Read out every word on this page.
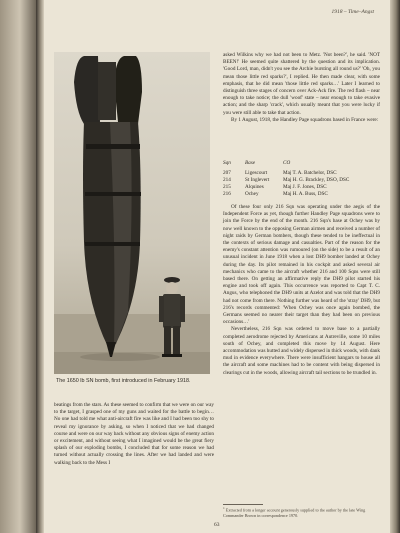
1918 – Time–Angst
The 1650 lb SN bomb, first introduced in February 1918.

beatings from the stars. As these seemed to confirm that we were on our way to the target, I grasped one of my guns and waited for the battle to begin… No one had told me what anti-aircraft fire was like and I had been too shy to reveal my ignorance by asking, so when I noticed that we had changed course and were on our way back without any obvious signs of enemy action or excitement, and without seeing what I imagined would be the great fiery splash of our exploding bombs, I concluded that for some reason we had turned without actually crossing the lines. After we had landed and were walking back to the Mess I

asked Wilkins why we had not been to Metz. 'Not been?', he said. 'NOT BEEN!' He seemed quite shattered by the question and its implication. 'Good Lord, man, didn't you see the Archie bursting all round us?' 'Oh, you mean those little red sparks?', I replied. He then made clear, with some emphasis, that he did mean 'those little red sparks…' Later I learned to distinguish three stages of concern over Ack-Ack fire. The red flash – near enough to take notice; the dull 'woof' state – near enough to take evasive action; and the sharp 'crack', which usually meant that you were lucky if you were still able to take that action.

By 1 August, 1918, the Handley Page squadrons based in France were:

Sqn	Base	CO
207	Ligescourt	Maj T. A. Batchelor, DSC
214	St Inglevert	Maj H. G. Brackley, DSO, DSC
215	Alquines	Maj J. F. Jones, DSC
216	Ochey	Maj H. A. Buss, DSC

Of these four only 216 Sqn was operating under the aegis of the Independent Force as yet, though further Handley Page squadrons were to join the Force by the end of the month. 216 Sqn's base at Ochey was by now well known to the opposing German airmen and received a number of night raids by German bombers, though these tended to be ineffectual in the contexts of serious damage and casualties. Part of the reason for the enemy's constant attention was rumoured (on the side) to be a result of an unusual incident in June 1918 when a lost DH9 bomber landed at Ochey during the day. Its pilot remained in his cockpit and asked several air mechanics who came to the aircraft whether 216 and 100 Sqns were still based there. On getting an affirmative reply the DH9 pilot started his engine and took off again. This occurrence was reported to Capt T. C. Angus, who telephoned the DH9 units at Azelot and was told that the DH9 had not come from there. Nothing further was heard of the 'stray' DH9, but 216's records commented: 'When Ochey was once again bombed, the Germans seemed no nearer their target than they had been on previous occasions…'

Nevertheless, 216 Sqn was ordered to move base to a partially completed aerodrome rejected by Americans at Autreville, some 10 miles south of Ochey, and completed this move by 14 August. Here accommodation was hutted and widely dispersed in thick woods, with dank mud in evidence everywhere. There were insufficient hangars to house all the aircraft and some machines had to be content with being dispersed in clearings cut in the woods, allowing aircraft tail sections to be trundled in.

$^1$ Extracted from a longer account generously supplied to the author by the late Wing Commander Brown in correspondence 1970.
63
